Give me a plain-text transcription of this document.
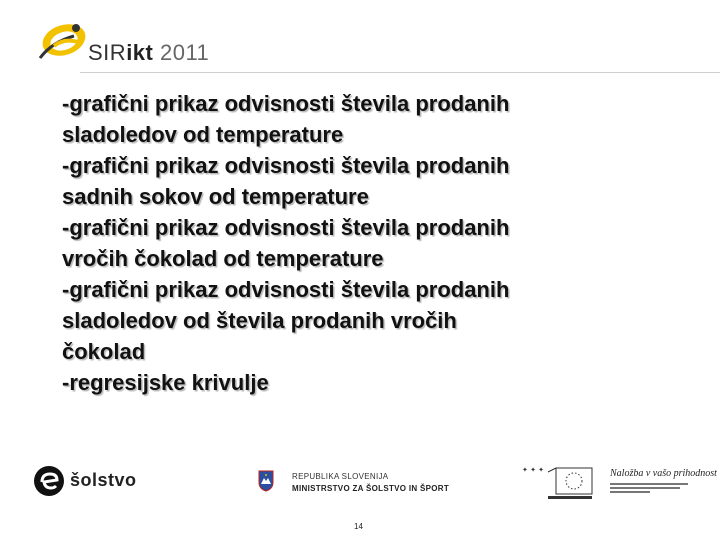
SIRikt 2011
-grafični prikaz odvisnosti števila prodanih
sladoledov od temperature
-grafični prikaz odvisnosti števila prodanih
sadnih sokov od temperature
-grafični prikaz odvisnosti števila prodanih
vročih čokolad od temperature
-grafični prikaz odvisnosti števila prodanih
sladoledov od števila prodanih vročih
čokolad
-regresijske krivulje
šolstvo	REPUBLIKA SLOVENIJA
MINISTRSTVO ZA ŠOLSTVO IN ŠPORT
✦ ✦ ✦	Naložba v vašo prihodnost
14
